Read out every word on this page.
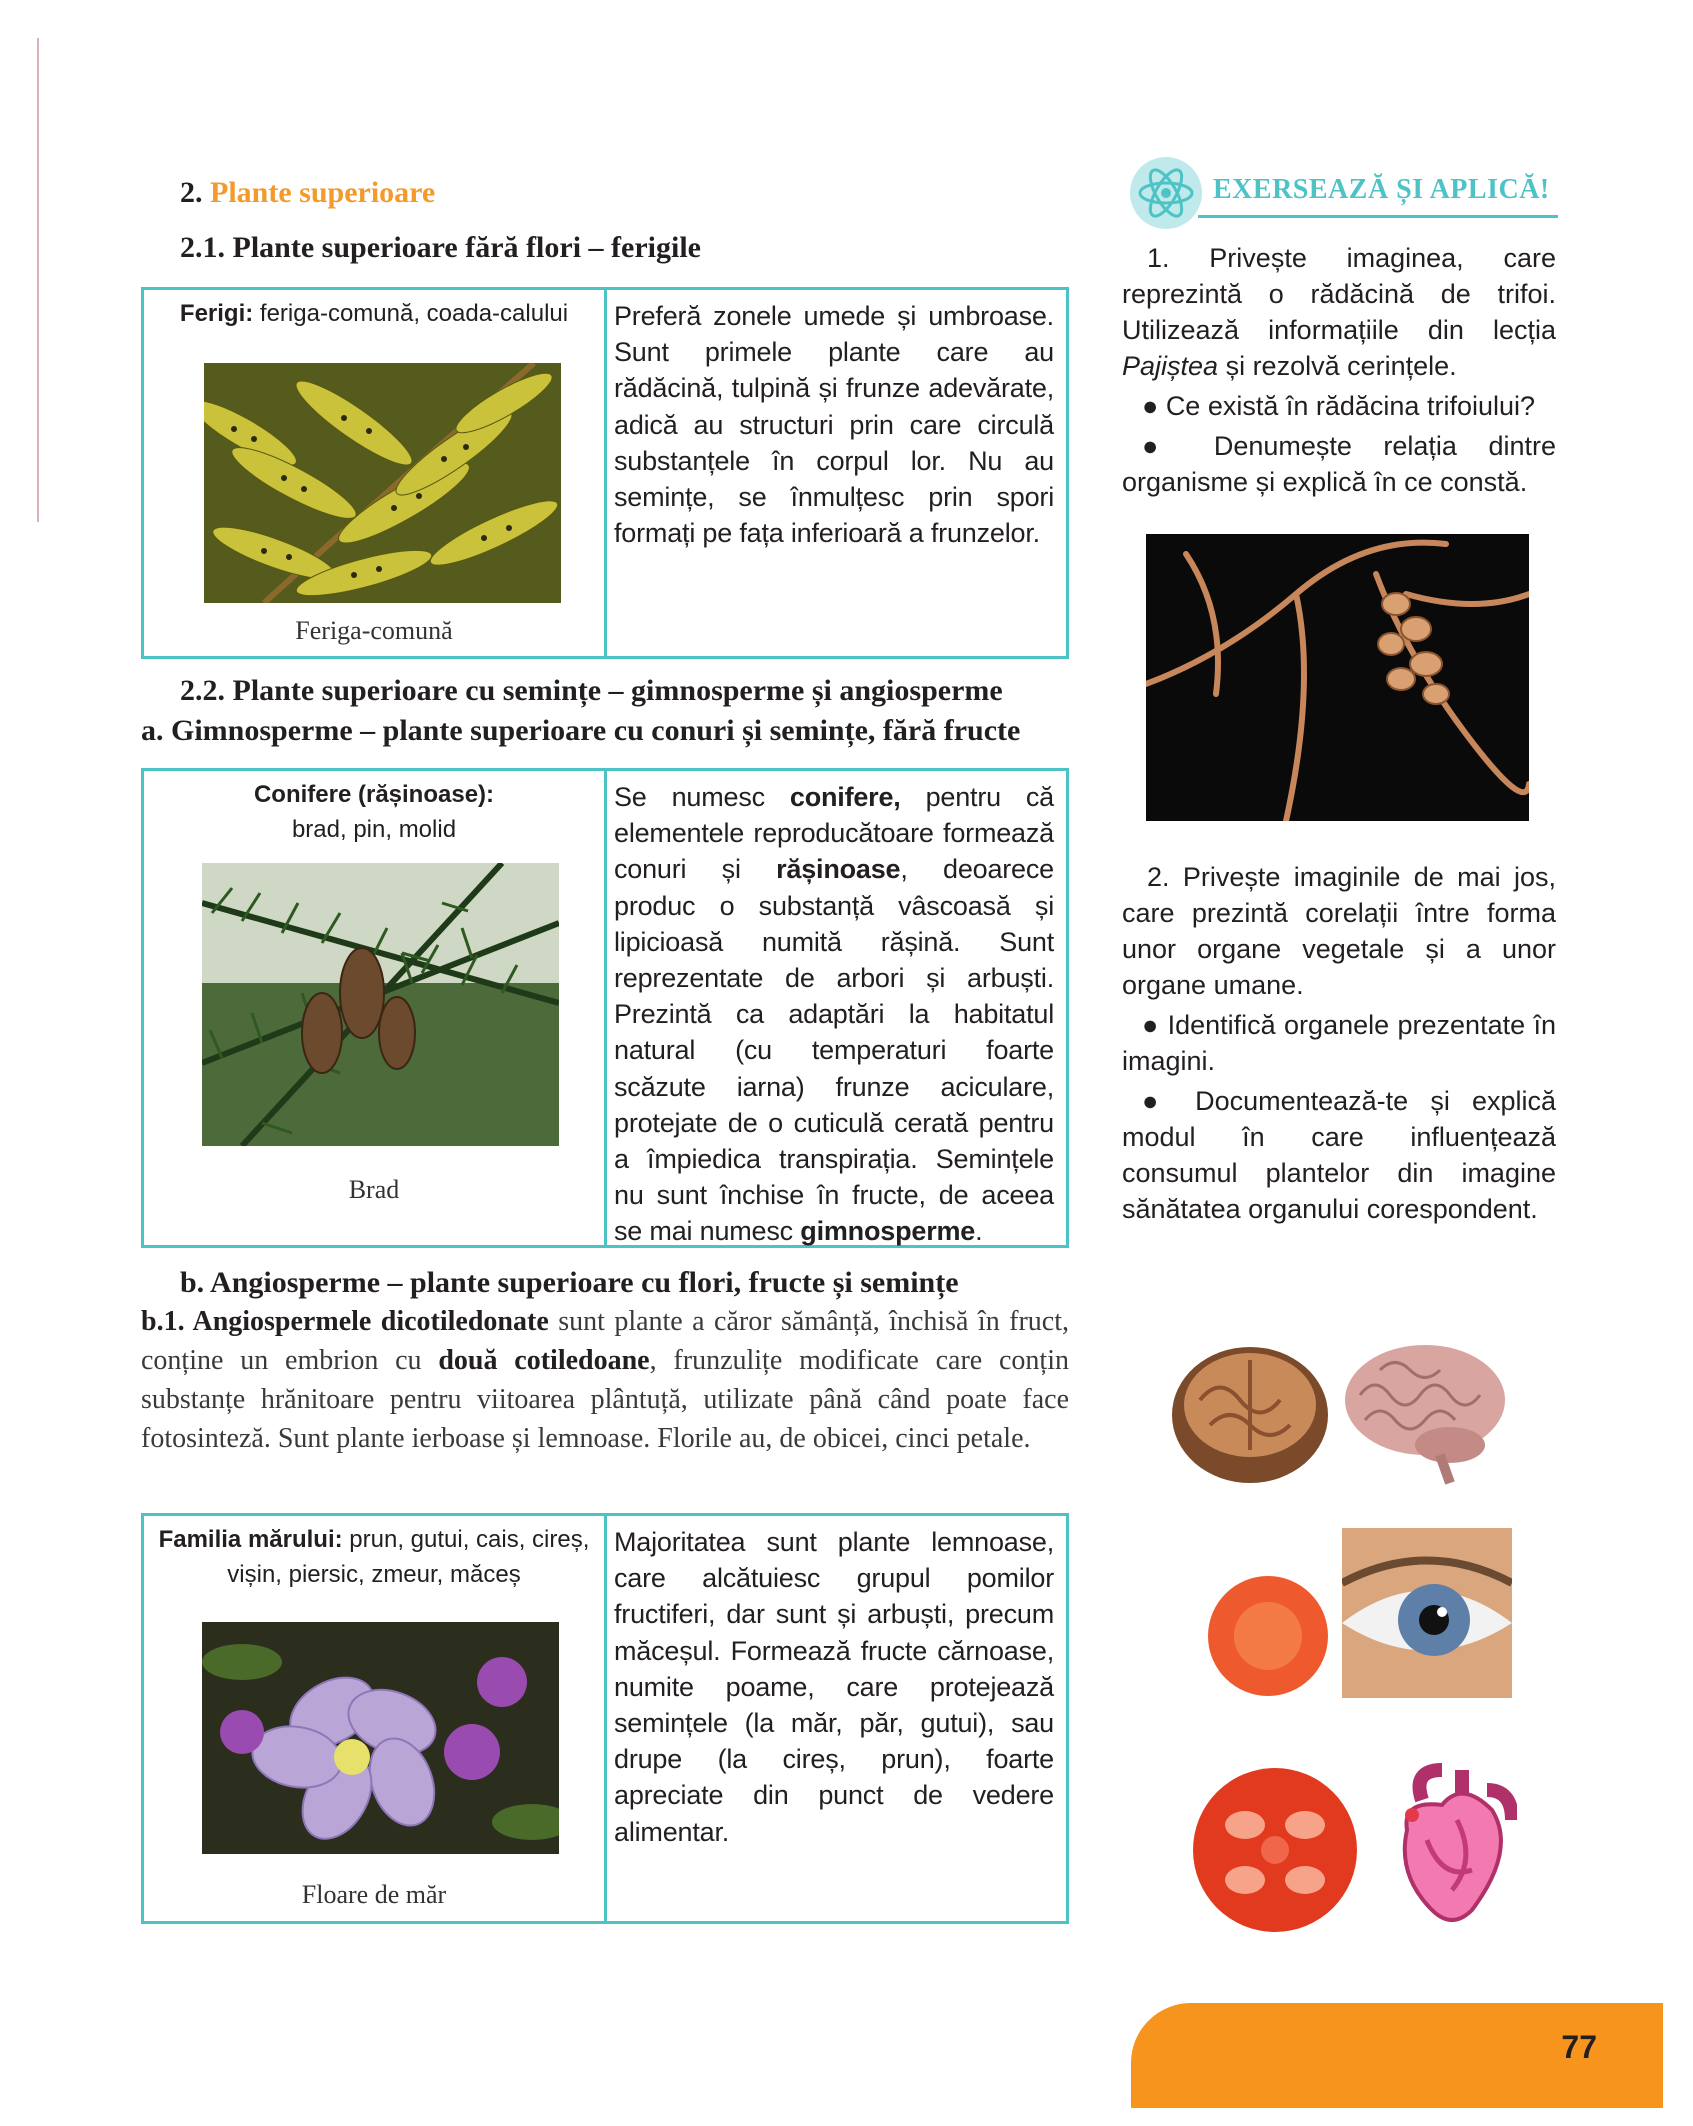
2. Plante superioare
2.1. Plante superioare fără flori – ferigile
Ferigi: feriga-comună, coada-calului
Feriga-comună
Preferă zonele umede și umbroase. Sunt primele plante care au rădăcină, tulpină și frunze adevărate, adică au structuri prin care circulă substanțele în corpul lor. Nu au semințe, se înmulțesc prin spori formați pe fața inferioară a frunzelor.
2.2. Plante superioare cu semințe – gimnosperme și angiosperme
a. Gimnosperme – plante superioare cu conuri și semințe, fără fructe
Conifere (rășinoase):
brad, pin, molid
Brad
Se numesc conifere, pentru că elementele reproducătoare formează conuri și rășinoase, deoarece produc o substanță vâscoasă și lipicioasă numită rășină. Sunt reprezentate de arbori și arbuști. Prezintă ca adaptări la habitatul natural (cu temperaturi foarte scăzute iarna) frunze aciculare, protejate de o cuticulă cerată pentru a împiedica transpirația. Semințele nu sunt închise în fructe, de aceea se mai numesc gimnosperme.
b. Angiosperme – plante superioare cu flori, fructe și semințe
b.1. Angiospermele dicotiledonate sunt plante a căror sămânță, închisă în fruct, conține un embrion cu două cotiledoane, frunzulițe modificate care conțin substanțe hrănitoare pentru viitoarea plântuță, utilizate până când poate face fotosinteză. Sunt plante ierboase și lemnoase. Florile au, de obicei, cinci petale.
Familia mărului: prun, gutui, cais, cireș, vișin, piersic, zmeur, măceș
Floare de măr
Majoritatea sunt plante lemnoase, care alcătuiesc grupul pomilor fructiferi, dar sunt și arbuști, precum măceșul. Formează fructe cărnoase, numite poame, care protejează semințele (la măr, păr, gutui), sau drupe (la cireș, prun), foarte apreciate din punct de vedere alimentar.
EXERSEAZĂ ȘI APLICĂ!

1. Privește imaginea, care reprezintă o rădăcină de trifoi. Utilizează informațiile din lecția Pajiștea și rezolvă cerințele.

● Ce există în rădăcina trifoiului?

● Denumește relația dintre organisme și explică în ce constă.

2. Privește imaginile de mai jos, care prezintă corelații între forma unor organe vegetale și a unor organe umane.

● Identifică organele prezentate în imagini.

● Documentează-te și explică modul în care influențează consumul plantelor din imagine sănătatea organului corespondent.

77
